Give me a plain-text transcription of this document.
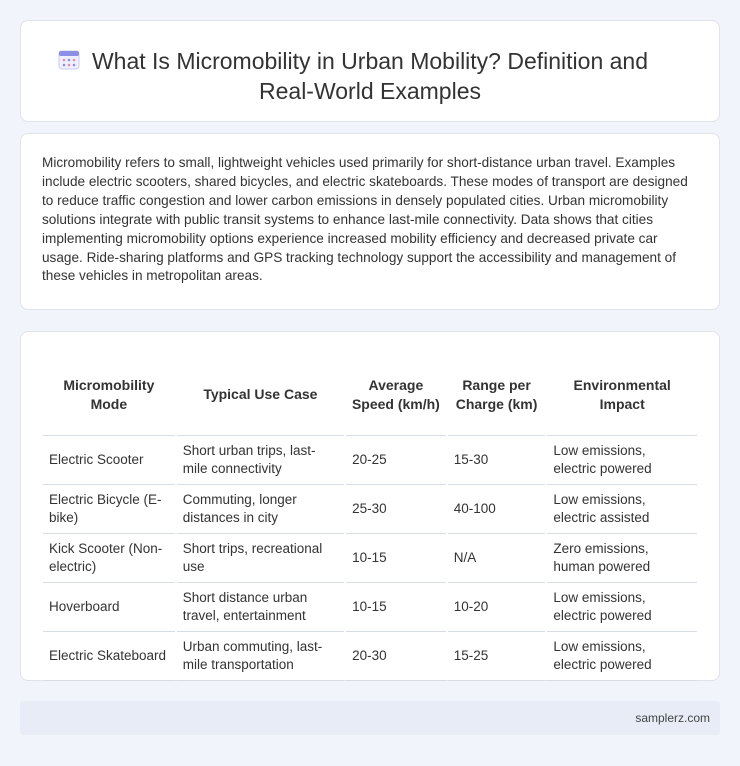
What Is Micromobility in Urban Mobility? Definition and
Real-World Examples

Micromobility refers to small, lightweight vehicles used primarily for short-distance urban travel. Examples include electric scooters, shared bicycles, and electric skateboards. These modes of transport are designed to reduce traffic congestion and lower carbon emissions in densely populated cities. Urban micromobility solutions integrate with public transit systems to enhance last-mile connectivity. Data shows that cities implementing micromobility options experience increased mobility efficiency and decreased private car usage. Ride-sharing platforms and GPS tracking technology support the accessibility and management of these vehicles in metropolitan areas.

Micromobility Mode	Typical Use Case	Average Speed (km/h)	Range per Charge (km)	Environmental Impact
Electric Scooter	Short urban trips, last-mile connectivity	20-25	15-30	Low emissions, electric powered
Electric Bicycle (E-bike)	Commuting, longer distances in city	25-30	40-100	Low emissions, electric assisted
Kick Scooter (Non-electric)	Short trips, recreational use	10-15	N/A	Zero emissions, human powered
Hoverboard	Short distance urban travel, entertainment	10-15	10-20	Low emissions, electric powered
Electric Skateboard	Urban commuting, last-mile transportation	20-30	15-25	Low emissions, electric powered
samplerz.com
